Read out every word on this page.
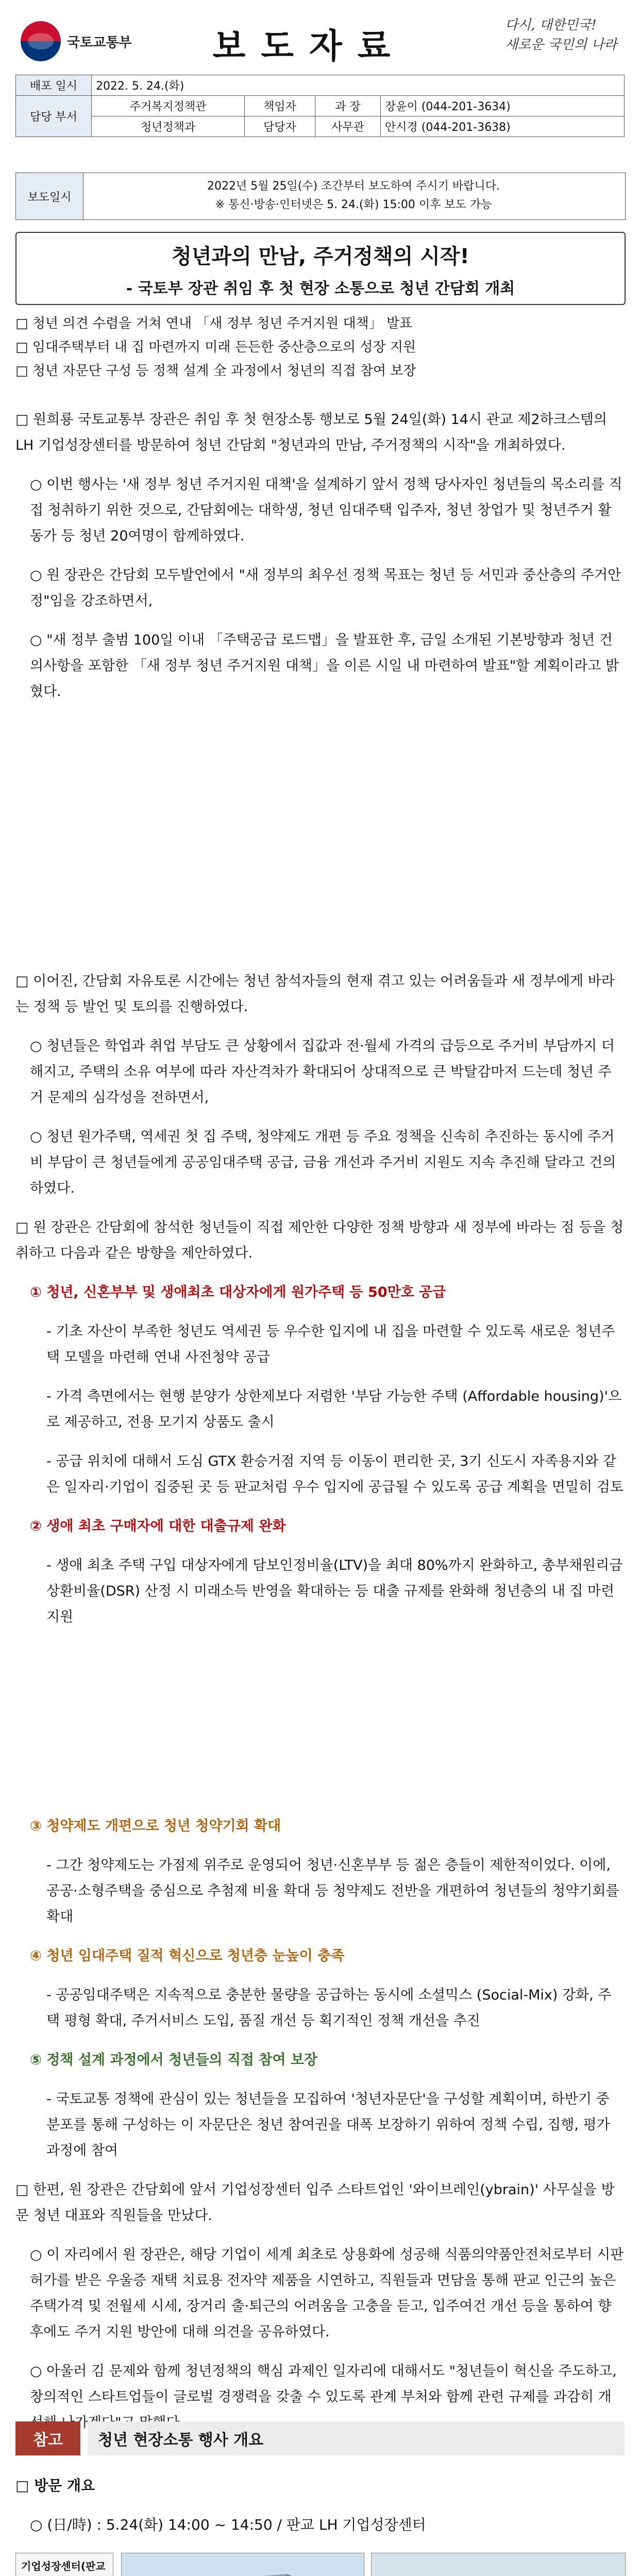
국토교통부 보도자료
다시, 대한민국!
새로운 국민의 나라
배포 일시	2022. 5. 24.(화)			
담당 부서	주거복지정책관	책임자	과 장	장윤이 (044-201-3634)
	청년정책과	담당자	사무관	안시경 (044-201-3638)
보도일시
2022년 5월 25일(수) 조간부터 보도하여 주시기 바랍니다.
※ 통신·방송·인터넷은 5. 24.(화) 15:00 이후 보도 가능
청년과의 만남, 주거정책의 시작!
- 국토부 장관 취임 후 첫 현장 소통으로 청년 간담회 개최

□ 청년 의견 수렴을 거쳐 연내 「새 정부 청년 주거지원 대책」 발표

□ 임대주택부터 내 집 마련까지 미래 든든한 중산층으로의 성장 지원

□ 청년 자문단 구성 등 정책 설계 全 과정에서 청년의 직접 참여 보장

□ 원희룡 국토교통부 장관은 취임 후 첫 현장소통 행보로 5월 24일(화) 14시 관교 제2하크스템의 LH 기업성장센터를 방문하여 청년 간담회 "청년과의 만남, 주거정책의 시작"을 개최하였다.

○ 이번 행사는 '새 정부 청년 주거지원 대책'을 설계하기 앞서 정책 당사자인 청년들의 목소리를 직접 청취하기 위한 것으로, 간담회에는 대학생, 청년 임대주택 입주자, 청년 창업가 및 청년주거 활동가 등 청년 20여명이 함께하였다.

○ 원 장관은 간담회 모두발언에서 "새 정부의 최우선 정책 목표는 청년 등 서민과 중산층의 주거안정"임을 강조하면서,

○ "새 정부 출범 100일 이내 「주택공급 로드맵」을 발표한 후, 금일 소개된 기본방향과 청년 건의사항을 포함한 「새 정부 청년 주거지원 대책」을 이른 시일 내 마련하여 발표"할 계획이라고 밝혔다.

□ 이어진, 간담회 자유토론 시간에는 청년 참석자들의 현재 겪고 있는 어려움들과 새 정부에게 바라는 정책 등 발언 및 토의를 진행하였다.

○ 청년들은 학업과 취업 부담도 큰 상황에서 집값과 전·월세 가격의 급등으로 주거비 부담까지 더해지고, 주택의 소유 여부에 따라 자산격차가 확대되어 상대적으로 큰 박탈감마저 드는데 청년 주거 문제의 심각성을 전하면서,

○ 청년 원가주택, 역세권 첫 집 주택, 청약제도 개편 등 주요 정책을 신속히 추진하는 동시에 주거비 부담이 큰 청년들에게 공공임대주택 공급, 금융 개선과 주거비 지원도 지속 추진해 달라고 건의하였다.

□ 원 장관은 간담회에 참석한 청년들이 직접 제안한 다양한 정책 방향과 새 정부에 바라는 점 등을 청취하고 다음과 같은 방향을 제안하였다.

① 청년, 신혼부부 및 생애최초 대상자에게 원가주택 등 50만호 공급

- 기초 자산이 부족한 청년도 역세권 등 우수한 입지에 내 집을 마련할 수 있도록 새로운 청년주택 모델을 마련해 연내 사전청약 공급

- 가격 측면에서는 현행 분양가 상한제보다 저렴한 '부담 가능한 주택 (Affordable housing)'으로 제공하고, 전용 모기지 상품도 출시

- 공급 위치에 대해서 도심 GTX 환승거점 지역 등 이동이 편리한 곳, 3기 신도시 자족용지와 같은 일자리·기업이 집중된 곳 등 판교처럼 우수 입지에 공급될 수 있도록 공급 계획을 면밀히 검토

② 생애 최초 구매자에 대한 대출규제 완화

- 생애 최초 주택 구입 대상자에게 담보인정비율(LTV)을 최대 80%까지 완화하고, 총부채원리금상환비율(DSR) 산정 시 미래소득 반영을 확대하는 등 대출 규제를 완화해 청년층의 내 집 마련 지원

③ 청약제도 개편으로 청년 청약기회 확대

- 그간 청약제도는 가점제 위주로 운영되어 청년·신혼부부 등 젊은 층들이 제한적이었다. 이에, 공공·소형주택을 중심으로 추첨제 비율 확대 등 청약제도 전반을 개편하여 청년들의 청약기회를 확대

④ 청년 임대주택 질적 혁신으로 청년층 눈높이 충족

- 공공임대주택은 지속적으로 충분한 물량을 공급하는 동시에 소셜믹스 (Social-Mix) 강화, 주택 평형 확대, 주거서비스 도입, 품질 개선 등 획기적인 정책 개선을 추진

⑤ 정책 설계 과정에서 청년들의 직접 참여 보장

- 국토교통 정책에 관심이 있는 청년들을 모집하여 '청년자문단'을 구성할 계획이며, 하반기 중 분포를 통해 구성하는 이 자문단은 청년 참여권을 대폭 보장하기 위하여 정책 수립, 집행, 평가 과정에 참여

□ 한편, 원 장관은 간담회에 앞서 기업성장센터 입주 스타트업인 '와이브레인(ybrain)' 사무실을 방문 청년 대표와 직원들을 만났다.

○ 이 자리에서 원 장관은, 해당 기업이 세계 최초로 상용화에 성공해 식품의약품안전처로부터 시판허가를 받은 우울증 재택 치료용 전자약 제품을 시연하고, 직원들과 면담을 통해 판교 인근의 높은 주택가격 및 전월세 시세, 장거리 출·퇴근의 어려움을 고충을 듣고, 입주여건 개선 등을 통하여 향후에도 주거 지원 방안에 대해 의견을 공유하였다.

○ 아울러 김 문제와 함께 청년정책의 핵심 과제인 일자리에 대해서도 "청년들이 혁신을 주도하고, 창의적인 스타트업들이 글로벌 경쟁력을 갖출 수 있도록 관계 부처와 함께 관련 규제를 과감히 개

참고	청년 현장소통 행사 개요

□ 방문 개요

○ (日/時) : 5.24(화) 14:00 ~ 14:50 / 판교 LH 기업성장센터

기업성장센터(판교
